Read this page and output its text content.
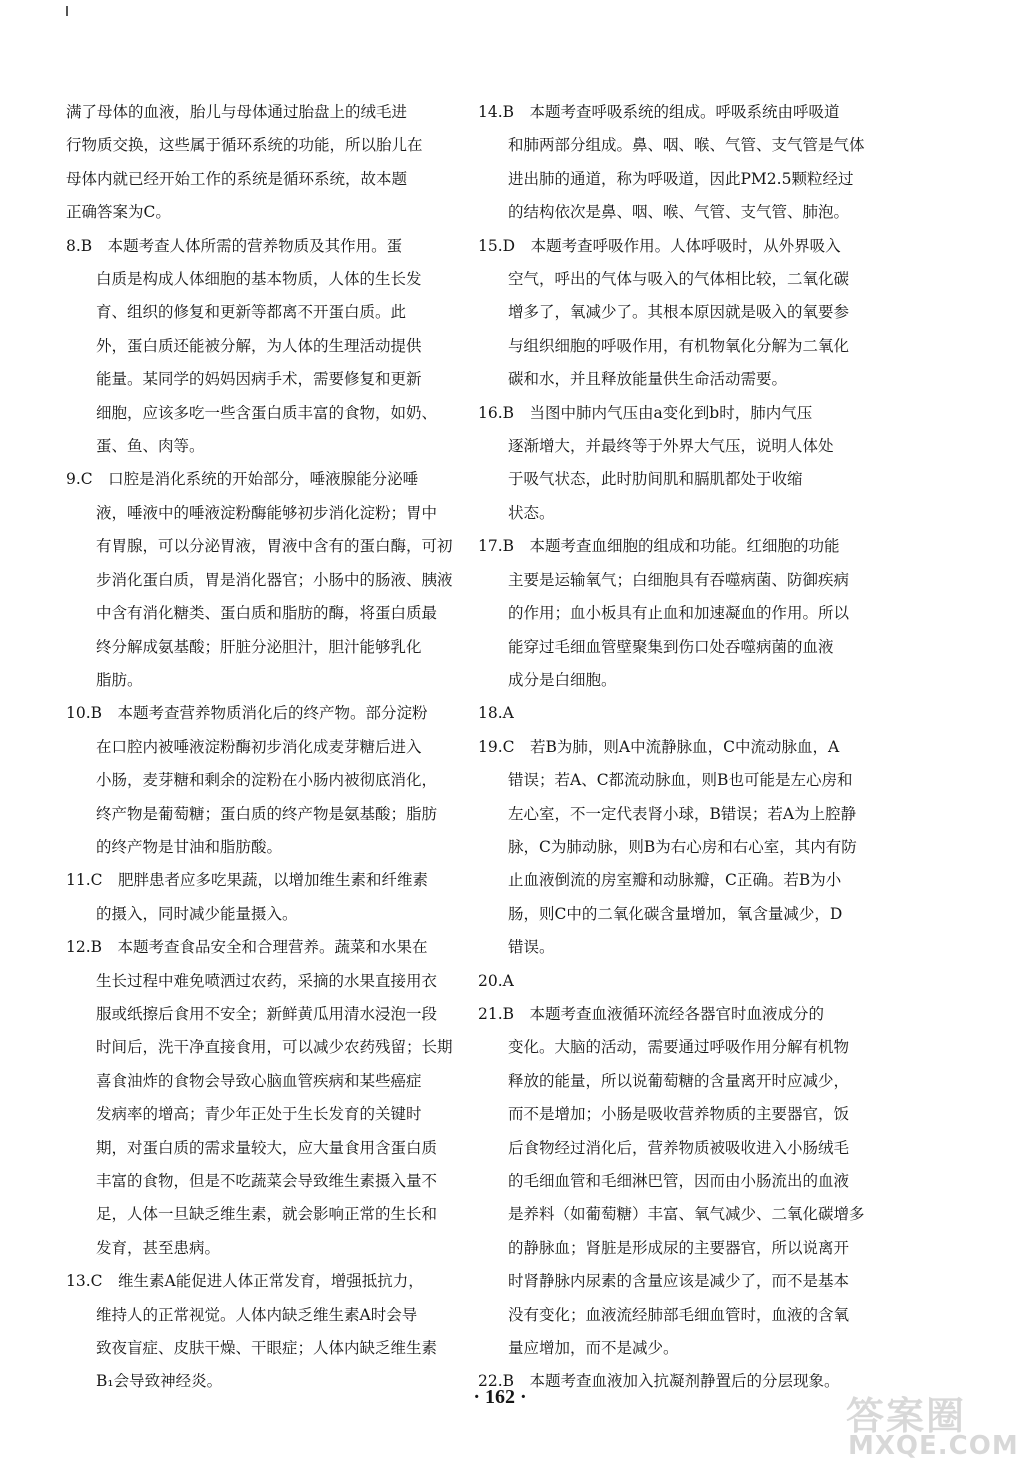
满了母体的血液，胎儿与母体通过胎盘上的绒毛进
行物质交换，这些属于循环系统的功能，所以胎儿在
母体内就已经开始工作的系统是循环系统，故本题
正确答案为C。
8.B　本题考查人体所需的营养物质及其作用。蛋
白质是构成人体细胞的基本物质，人体的生长发
育、组织的修复和更新等都离不开蛋白质。此
外，蛋白质还能被分解，为人体的生理活动提供
能量。某同学的妈妈因病手术，需要修复和更新
细胞，应该多吃一些含蛋白质丰富的食物，如奶、
蛋、鱼、肉等。
9.C　口腔是消化系统的开始部分，唾液腺能分泌唾
液，唾液中的唾液淀粉酶能够初步消化淀粉；胃中
有胃腺，可以分泌胃液，胃液中含有的蛋白酶，可初
步消化蛋白质，胃是消化器官；小肠中的肠液、胰液
中含有消化糖类、蛋白质和脂肪的酶，将蛋白质最
终分解成氨基酸；肝脏分泌胆汁，胆汁能够乳化
脂肪。
10.B　本题考查营养物质消化后的终产物。部分淀粉
在口腔内被唾液淀粉酶初步消化成麦芽糖后进入
小肠，麦芽糖和剩余的淀粉在小肠内被彻底消化，
终产物是葡萄糖；蛋白质的终产物是氨基酸；脂肪
的终产物是甘油和脂肪酸。
11.C　肥胖患者应多吃果蔬，以增加维生素和纤维素
的摄入，同时减少能量摄入。
12.B　本题考查食品安全和合理营养。蔬菜和水果在
生长过程中难免喷洒过农药，采摘的水果直接用衣
服或纸擦后食用不安全；新鲜黄瓜用清水浸泡一段
时间后，洗干净直接食用，可以减少农药残留；长期
喜食油炸的食物会导致心脑血管疾病和某些癌症
发病率的增高；青少年正处于生长发育的关键时
期，对蛋白质的需求量较大，应大量食用含蛋白质
丰富的食物，但是不吃蔬菜会导致维生素摄入量不
足，人体一旦缺乏维生素，就会影响正常的生长和
发育，甚至患病。
13.C　维生素A能促进人体正常发育，增强抵抗力，
维持人的正常视觉。人体内缺乏维生素A时会导
致夜盲症、皮肤干燥、干眼症；人体内缺乏维生素
B₁会导致神经炎。
14.B　本题考查呼吸系统的组成。呼吸系统由呼吸道
和肺两部分组成。鼻、咽、喉、气管、支气管是气体
进出肺的通道，称为呼吸道，因此PM2.5颗粒经过
的结构依次是鼻、咽、喉、气管、支气管、肺泡。
15.D　本题考查呼吸作用。人体呼吸时，从外界吸入
空气，呼出的气体与吸入的气体相比较，二氧化碳
增多了，氧减少了。其根本原因就是吸入的氧要参
与组织细胞的呼吸作用，有机物氧化分解为二氧化
碳和水，并且释放能量供生命活动需要。
16.B　当图中肺内气压由a变化到b时，肺内气压
逐渐增大，并最终等于外界大气压，说明人体处
于吸气状态，此时肋间肌和膈肌都处于收缩
状态。
17.B　本题考查血细胞的组成和功能。红细胞的功能
主要是运输氧气；白细胞具有吞噬病菌、防御疾病
的作用；血小板具有止血和加速凝血的作用。所以
能穿过毛细血管壁聚集到伤口处吞噬病菌的血液
成分是白细胞。
18.A
19.C　若B为肺，则A中流静脉血，C中流动脉血，A
错误；若A、C都流动脉血，则B也可能是左心房和
左心室，不一定代表肾小球，B错误；若A为上腔静
脉，C为肺动脉，则B为右心房和右心室，其内有防
止血液倒流的房室瓣和动脉瓣，C正确。若B为小
肠，则C中的二氧化碳含量增加，氧含量减少，D
错误。
20.A
21.B　本题考查血液循环流经各器官时血液成分的
变化。大脑的活动，需要通过呼吸作用分解有机物
释放的能量，所以说葡萄糖的含量离开时应减少，
而不是增加；小肠是吸收营养物质的主要器官，饭
后食物经过消化后，营养物质被吸收进入小肠绒毛
的毛细血管和毛细淋巴管，因而由小肠流出的血液
是养料（如葡萄糖）丰富、氧气减少、二氧化碳增多
的静脉血；肾脏是形成尿的主要器官，所以说离开
时肾静脉内尿素的含量应该是减少了，而不是基本
没有变化；血液流经肺部毛细血管时，血液的含氧
量应增加，而不是减少。
22.B　本题考查血液加入抗凝剂静置后的分层现象。
· 162 ·	答案圈
MXQE.COM
